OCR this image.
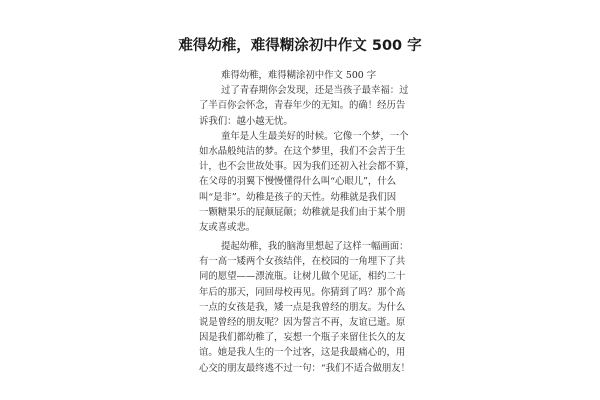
难得幼稚，难得糊涂初中作文 500 字
难得幼稚，难得糊涂初中作文 500 字
过了青春期你会发现，还是当孩子最幸福：过
了半百你会怀念，青春年少的无知。的确！经历告
诉我们：越小越无忧。
童年是人生最美好的时候。它像一个梦，一个
如水晶般纯洁的梦。在这个梦里，我们不会苦于生
计，也不会世故处事。因为我们还初入社会都不算，
在父母的羽翼下慢慢懂得什么叫“心眼儿”，什么
叫“是非”。幼稚是孩子的天性。幼稚就是我们因
一颗糖果乐的屁颠屁颠；幼稚就是我们由于某个朋
友或喜或悲。
提起幼稚，我的脑海里想起了这样一幅画面：
有一高一矮两个女孩结伴，在校园的一角埋下了共
同的愿望——漂流瓶。让树儿做个见证，相约二十
年后的那天，同回母校再见。你猜到了吗？那个高
一点的女孩是我，矮一点是我曾经的朋友。为什么
说是曾经的朋友呢？因为誓言不再，友谊已逝。原
因是我们都幼稚了，妄想一个瓶子来留住长久的友
谊。她是我人生的一个过客，这是我最痛心的，用
心交的朋友最终逃不过一句：“我们不适合做朋友！
